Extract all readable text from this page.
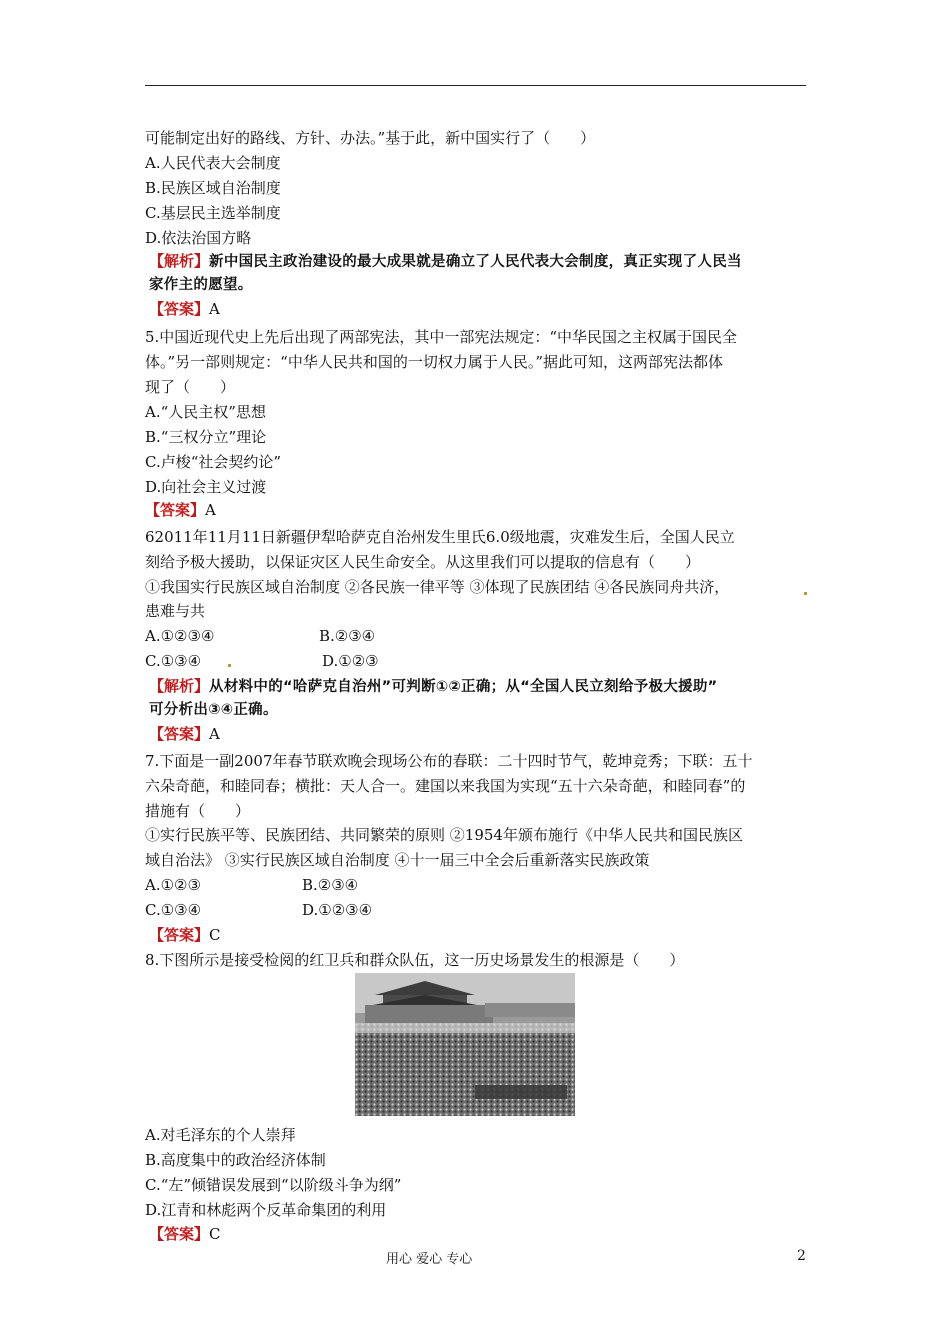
可能制定出好的路线、方针、办法。”基于此，新中国实行了（　　）
A.人民代表大会制度
B.民族区域自治制度
C.基层民主选举制度
D.依法治国方略
【解析】新中国民主政治建设的最大成果就是确立了人民代表大会制度，真正实现了人民当
家作主的愿望。
【答案】A
5.中国近现代史上先后出现了两部宪法，其中一部宪法规定：“中华民国之主权属于国民全
体。”另一部则规定：“中华人民共和国的一切权力属于人民。”据此可知，这两部宪法都体
现了（　　）
A.“人民主权”思想
B.“三权分立”理论
C.卢梭“社会契约论”
D.向社会主义过渡
【答案】A
62011年11月11日新疆伊犁哈萨克自治州发生里氏6.0级地震，灾难发生后，全国人民立
刻给予极大援助，以保证灾区人民生命安全。从这里我们可以提取的信息有（　　）
①我国实行民族区域自治制度 ②各民族一律平等 ③体现了民族团结 ④各民族同舟共济，
患难与共
A.①②③④	B.②③④
C.①③④	D.①②③
【解析】从材料中的“哈萨克自治州”可判断①②正确；从“全国人民立刻给予极大援助”
可分析出③④正确。
【答案】A
7.下面是一副2007年春节联欢晚会现场公布的春联：二十四时节气，乾坤竞秀；下联：五十
六朵奇葩，和睦同春；横批：天人合一。建国以来我国为实现“五十六朵奇葩，和睦同春”的
措施有（　　）
①实行民族平等、民族团结、共同繁荣的原则 ②1954年颁布施行《中华人民共和国民族区
域自治法》 ③实行民族区域自治制度 ④十一届三中全会后重新落实民族政策
A.①②③	B.②③④
C.①③④	D.①②③④
【答案】C
8.下图所示是接受检阅的红卫兵和群众队伍，这一历史场景发生的根源是（　　）
A.对毛泽东的个人崇拜
B.高度集中的政治经济体制
C.“左”倾错误发展到“以阶级斗争为纲”
D.江青和林彪两个反革命集团的利用
【答案】C
用心 爱心 专心	2
